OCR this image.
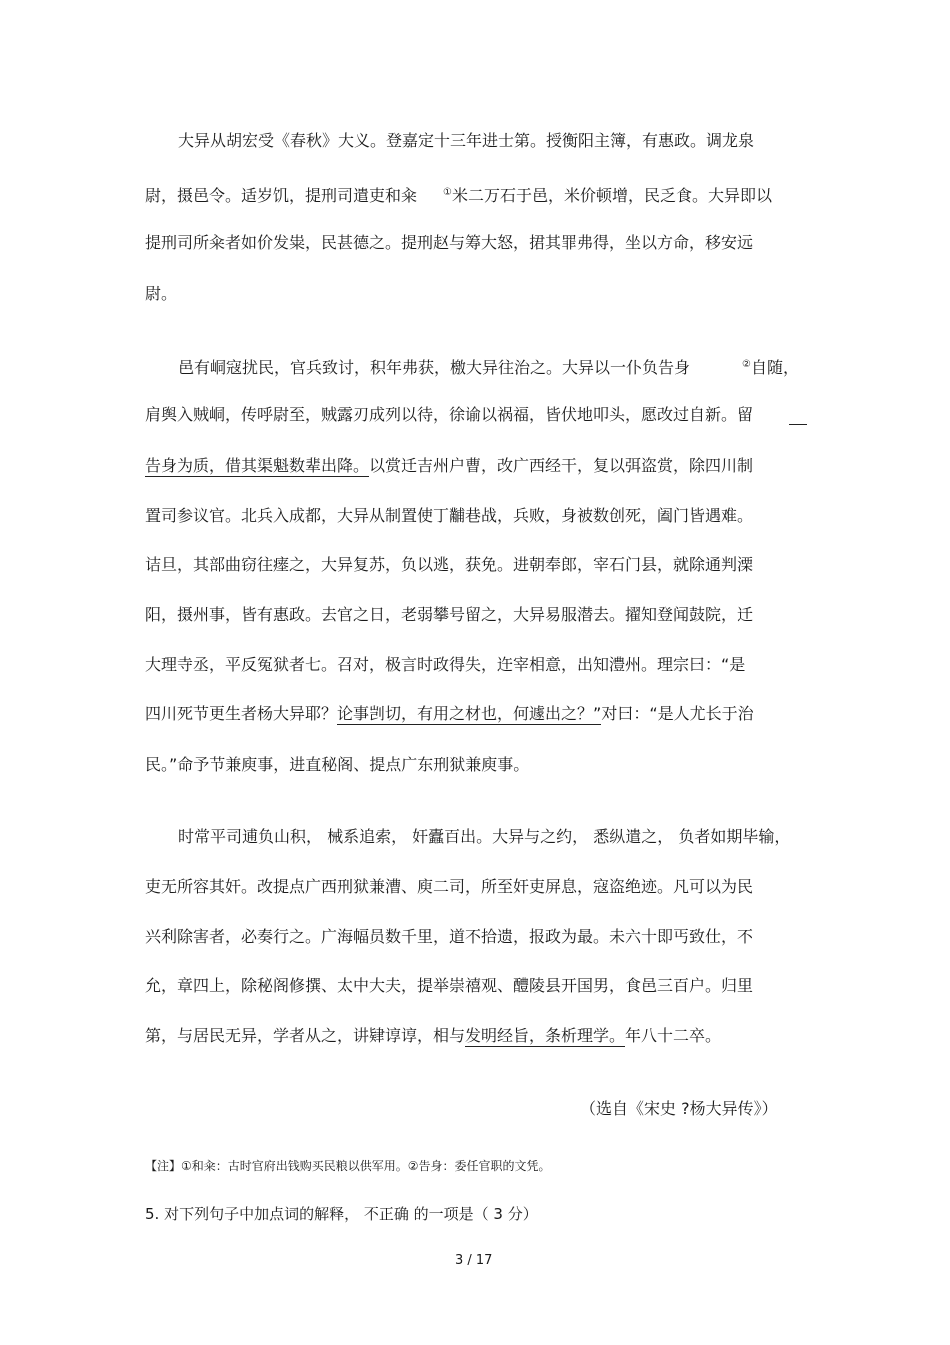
大异从胡宏受《春秋》大义。登嘉定十三年进士第。授衡阳主簿，有惠政。调龙泉
尉，摄邑令。适岁饥，提刑司遣吏和籴	①米二万石于邑，米价顿增，民乏食。大异即以
提刑司所籴者如价发粜，民甚德之。提刑赵与筹大怒，捃其罪弗得，坐以方命，移安远
尉。
邑有峒寇扰民，官兵致讨，积年弗获，檄大异往治之。大异以一仆负告身	②自随，
肩舆入贼峒，传呼尉至，贼露刃成列以待，徐谕以祸福，皆伏地叩头，愿改过自新。留
告身为质，借其渠魁数辈出降。以赏迁吉州户曹，改广西经干，复以弭盗赏，除四川制
置司参议官。北兵入成都，大异从制置使丁黼巷战，兵败，身被数创死，阖门皆遇难。
诘旦，其部曲窃往瘗之，大异复苏，负以逃，获免。进朝奉郎，宰石门县，就除通判溧
阳，摄州事，皆有惠政。去官之日，老弱攀号留之，大异易服潜去。擢知登闻鼓院，迁
大理寺丞，平反冤狱者七。召对，极言时政得失，迕宰相意，出知澧州。理宗曰：“是
四川死节更生者杨大异耶？论事剀切，有用之材也，何遽出之？”对曰：“是人尤长于治
民。”命予节兼庾事，进直秘阁、提点广东刑狱兼庾事。
时常平司逋负山积， 械系追索， 奸蠹百出。大异与之约， 悉纵遣之， 负者如期毕输，
吏无所容其奸。改提点广西刑狱兼漕、庾二司，所至奸吏屏息，寇盗绝迹。凡可以为民
兴利除害者，必奏行之。广海幅员数千里，道不拾遗，报政为最。未六十即丐致仕，不
允，章四上，除秘阁修撰、太中大夫，提举崇禧观、醴陵县开国男，食邑三百户。归里
第，与居民无异，学者从之，讲肄谆谆，相与发明经旨，条析理学。年八十二卒。
（选自《宋史 ?杨大异传》）
【注】①和籴：古时官府出钱购买民粮以供军用。②告身：委任官职的文凭。
5. 对下列句子中加点词的解释， 不正确 的一项是（ 3 分）
3 / 17
